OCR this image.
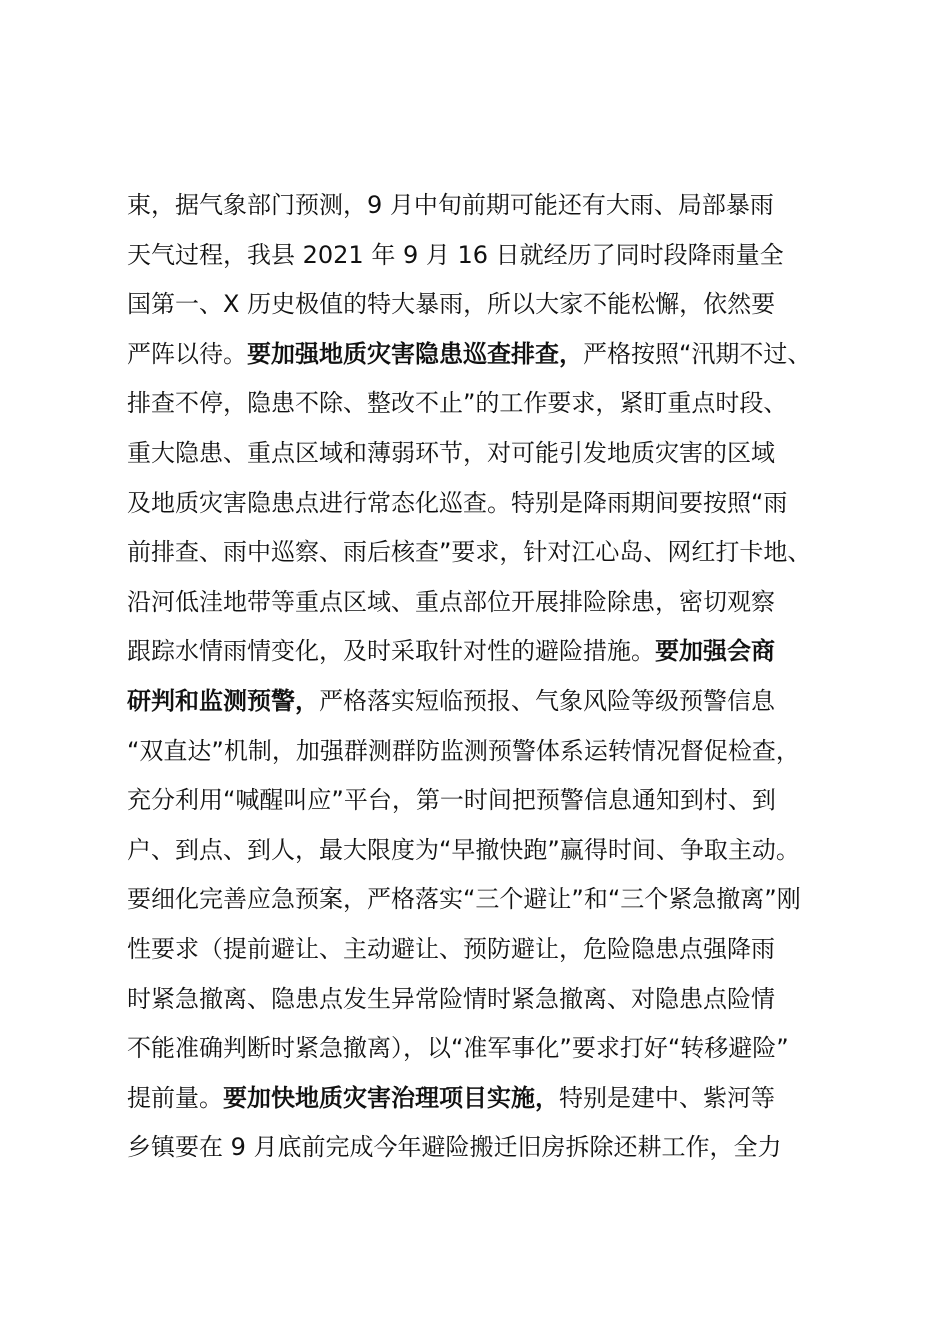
束，据气象部门预测，9 月中旬前期可能还有大雨、局部暴雨
天气过程，我县 2021 年 9 月 16 日就经历了同时段降雨量全
国第一、X 历史极值的特大暴雨，所以大家不能松懈，依然要
严阵以待。要加强地质灾害隐患巡查排查，严格按照“汛期不过、
排查不停，隐患不除、整改不止”的工作要求，紧盯重点时段、
重大隐患、重点区域和薄弱环节，对可能引发地质灾害的区域
及地质灾害隐患点进行常态化巡查。特别是降雨期间要按照“雨
前排查、雨中巡察、雨后核查”要求，针对江心岛、网红打卡地、
沿河低洼地带等重点区域、重点部位开展排险除患，密切观察
跟踪水情雨情变化，及时采取针对性的避险措施。要加强会商
研判和监测预警，严格落实短临预报、气象风险等级预警信息
“双直达”机制，加强群测群防监测预警体系运转情况督促检查，
充分利用“喊醒叫应”平台，第一时间把预警信息通知到村、到
户、到点、到人，最大限度为“早撤快跑”赢得时间、争取主动。
要细化完善应急预案，严格落实“三个避让”和“三个紧急撤离”刚
性要求（提前避让、主动避让、预防避让，危险隐患点强降雨
时紧急撤离、隐患点发生异常险情时紧急撤离、对隐患点险情
不能准确判断时紧急撤离），以“准军事化”要求打好“转移避险”
提前量。要加快地质灾害治理项目实施，特别是建中、紫河等
乡镇要在 9 月底前完成今年避险搬迁旧房拆除还耕工作，全力
